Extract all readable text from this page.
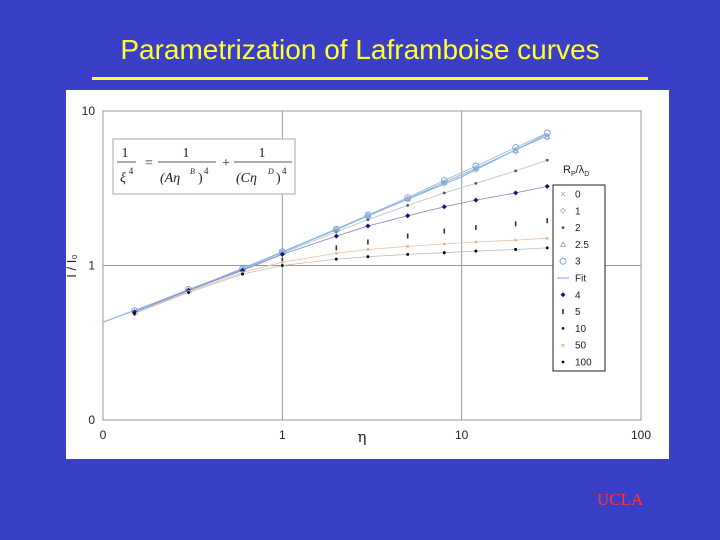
Parametrization of Laframboise curves
0	1	10	100
0
1
10
η
I / I₀
1
ξ 4 =
1
(Aη B ) 4 +
1
(Cη D ) 4	$R_P/\lambda_D$
0
1
2
2.5
3
Fit
4
5
10
50
100
UCLA
